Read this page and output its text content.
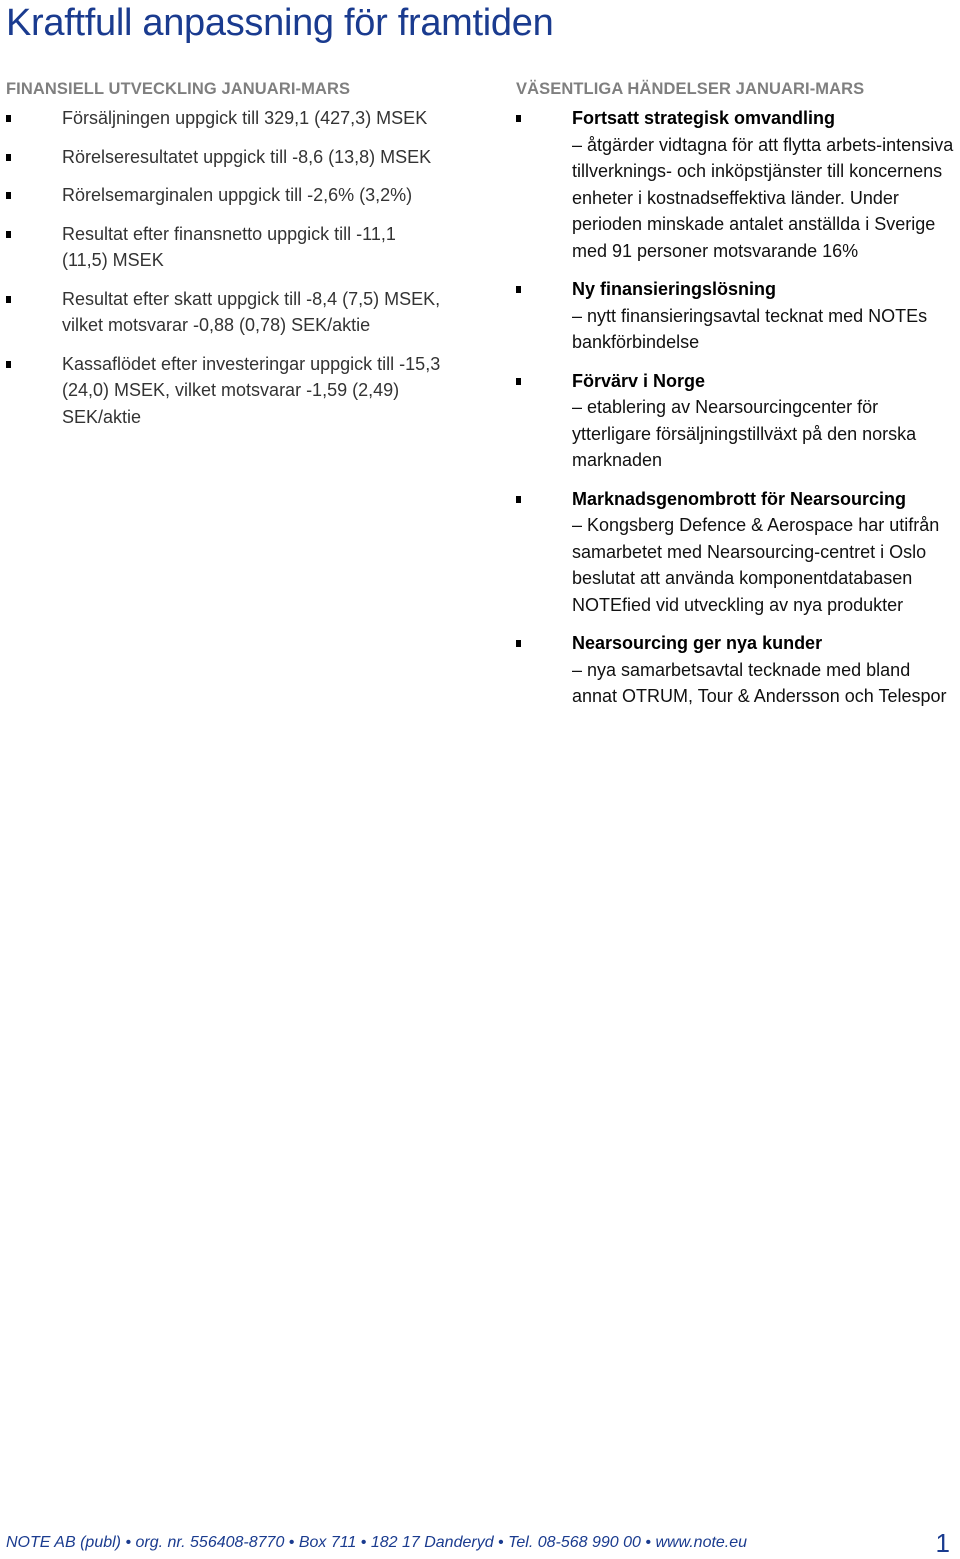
Kraftfull anpassning för framtiden
FINANSIELL UTVECKLING JANUARI-MARS
Försäljningen uppgick till 329,1 (427,3) MSEK
Rörelseresultatet uppgick till -8,6 (13,8) MSEK
Rörelsemarginalen uppgick till -2,6% (3,2%)
Resultat efter finansnetto uppgick till -11,1 (11,5) MSEK
Resultat efter skatt uppgick till -8,4 (7,5) MSEK, vilket motsvarar -0,88 (0,78) SEK/aktie
Kassaflödet efter investeringar uppgick till -15,3 (24,0) MSEK, vilket motsvarar -1,59 (2,49) SEK/aktie
VÄSENTLIGA HÄNDELSER JANUARI-MARS
Fortsatt strategisk omvandling
– åtgärder vidtagna för att flytta arbets-intensiva tillverknings- och inköpstjänster till koncernens enheter i kostnadseffektiva länder. Under perioden minskade antalet anställda i Sverige med 91 personer motsvarande 16%
Ny finansieringslösning
– nytt finansieringsavtal tecknat med NOTEs bankförbindelse
Förvärv i Norge
– etablering av Nearsourcingcenter för ytterligare försäljningstillväxt på den norska marknaden
Marknadsgenombrott för Nearsourcing
– Kongsberg Defence & Aerospace har utifrån samarbetet med Nearsourcing-centret i Oslo beslutat att använda komponentdatabasen NOTEfied vid utveckling av nya produkter
Nearsourcing ger nya kunder
– nya samarbetsavtal tecknade med bland annat OTRUM, Tour & Andersson och Telespor
NOTE AB (publ) • org. nr. 556408-8770 • Box 711 • 182 17 Danderyd • Tel. 08-568 990 00 • www.note.eu	1
